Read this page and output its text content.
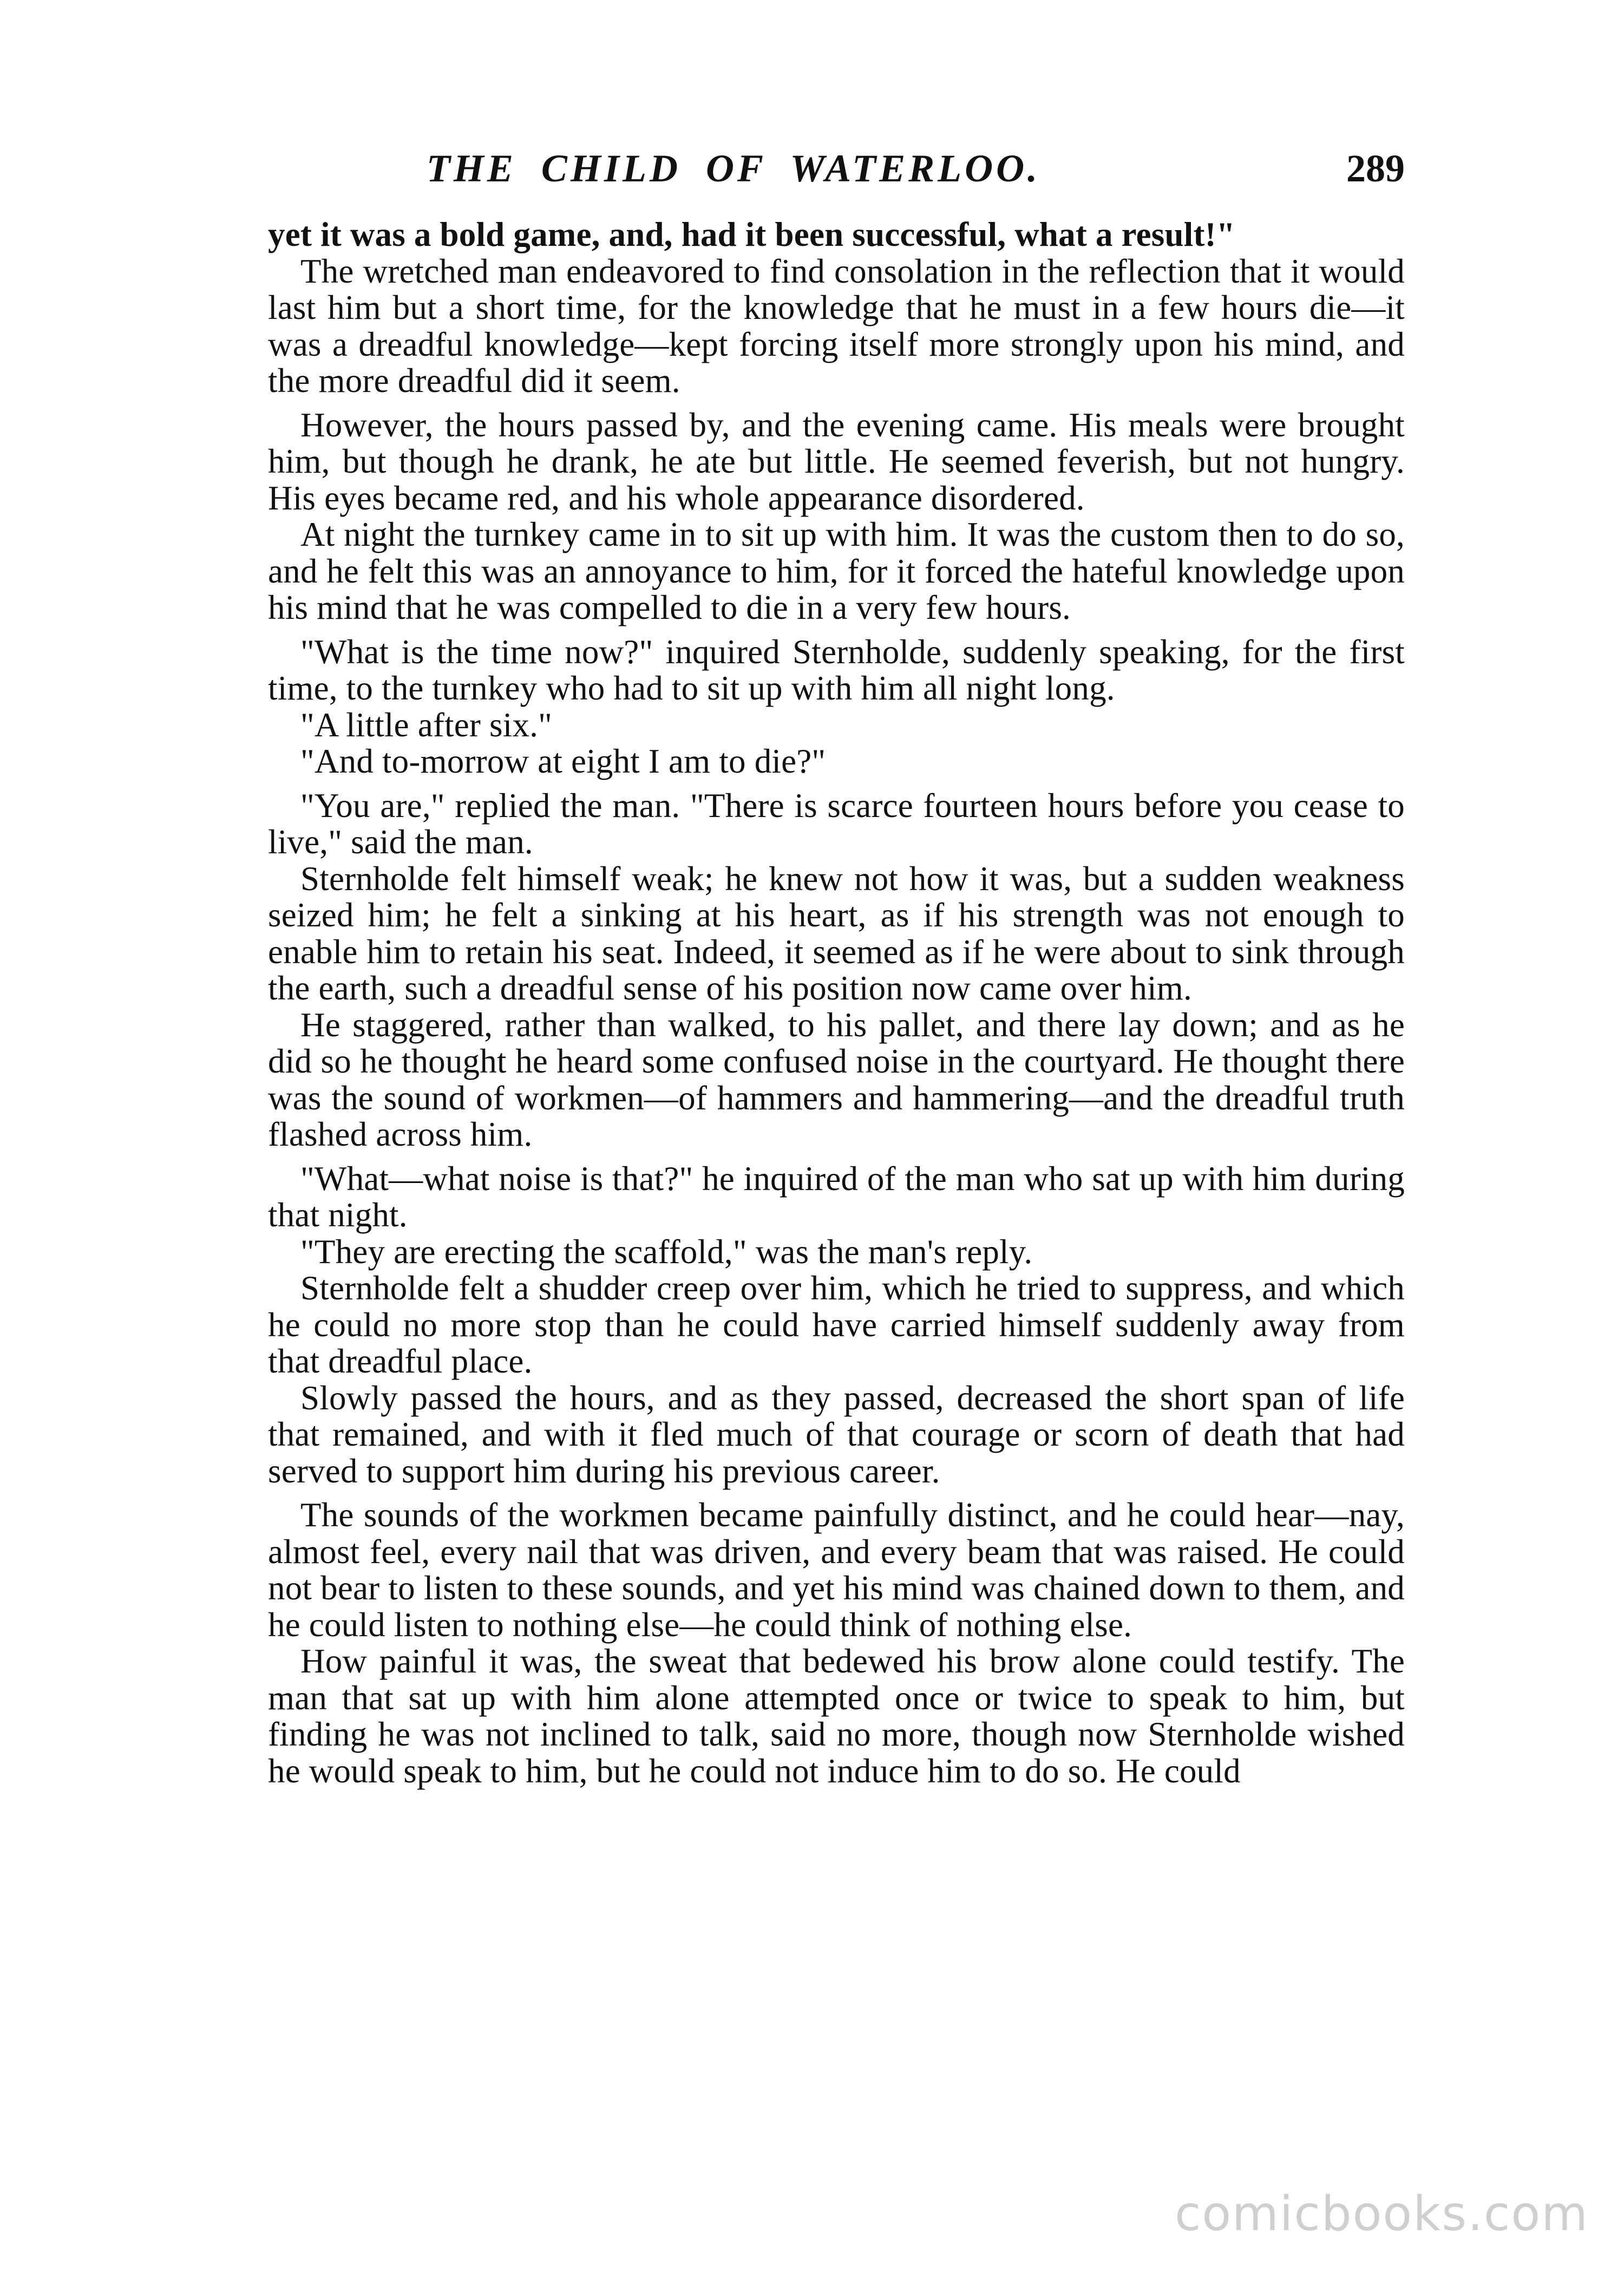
THE CHILD OF WATERLOO.	289

yet it was a bold game, and, had it been successful, what a result!"

The wretched man endeavored to find consolation in the reflection that it would last him but a short time, for the knowledge that he must in a few hours die—it was a dreadful knowledge—kept forcing itself more strongly upon his mind, and the more dreadful did it seem.

However, the hours passed by, and the evening came. His meals were brought him, but though he drank, he ate but little. He seemed feverish, but not hungry. His eyes became red, and his whole appearance disordered.

At night the turnkey came in to sit up with him. It was the custom then to do so, and he felt this was an annoyance to him, for it forced the hateful knowledge upon his mind that he was compelled to die in a very few hours.

"What is the time now?" inquired Sternholde, suddenly speaking, for the first time, to the turnkey who had to sit up with him all night long.

"A little after six."

"And to-morrow at eight I am to die?"

"You are," replied the man. "There is scarce fourteen hours before you cease to live," said the man.

Sternholde felt himself weak; he knew not how it was, but a sudden weakness seized him; he felt a sinking at his heart, as if his strength was not enough to enable him to retain his seat. Indeed, it seemed as if he were about to sink through the earth, such a dreadful sense of his position now came over him.

He staggered, rather than walked, to his pallet, and there lay down; and as he did so he thought he heard some confused noise in the courtyard. He thought there was the sound of workmen—of hammers and hammering—and the dreadful truth flashed across him.

"What—what noise is that?" he inquired of the man who sat up with him during that night.

"They are erecting the scaffold," was the man's reply.

Sternholde felt a shudder creep over him, which he tried to suppress, and which he could no more stop than he could have carried himself suddenly away from that dreadful place.

Slowly passed the hours, and as they passed, decreased the short span of life that remained, and with it fled much of that courage or scorn of death that had served to support him during his previous career.

The sounds of the workmen became painfully distinct, and he could hear—nay, almost feel, every nail that was driven, and every beam that was raised. He could not bear to listen to these sounds, and yet his mind was chained down to them, and he could listen to nothing else—he could think of nothing else.

How painful it was, the sweat that bedewed his brow alone could testify. The man that sat up with him alone attempted once or twice to speak to him, but finding he was not inclined to talk, said no more, though now Sternholde wished he would speak to him, but he could not induce him to do so. He could

comicbooks.com
